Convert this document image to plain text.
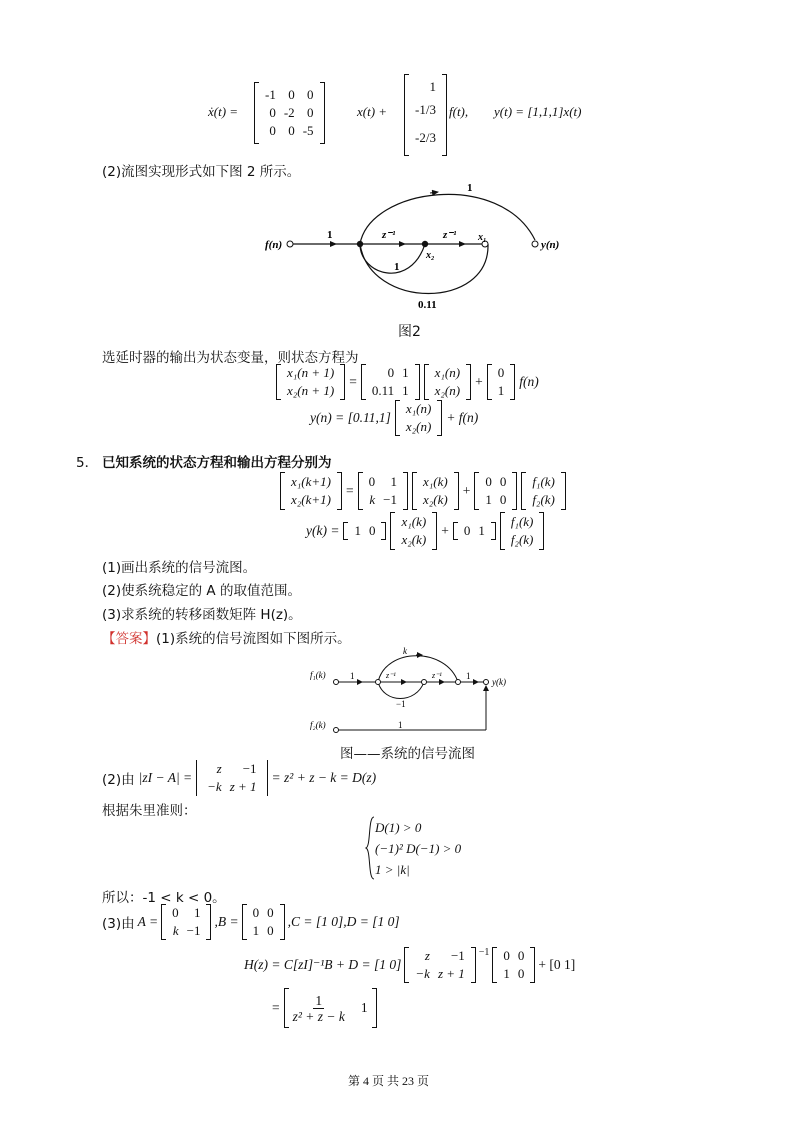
ẋ(t) =
-1	0	0
0	-2	0
0	0	-5
x(t) +
1
-1/3
-2/3
f(t), y(t) = [1,1,1]x(t)
(2)流图实现形式如下图 2 所示。
f(n)	y(n)
1
1
z⁻¹	z⁻¹ x₁
x₂
1
0.11
图2
选延时器的输出为状态变量，则状态方程为
x₁(n + 1)
x₂(n + 1)
=
0	1
0.11	1
x₁(n)
x₂(n)
+
0
1
f(n)
y(n) = [0.11,1]
x₁(n)
x₂(n)
+ f(n)
5． 已知系统的状态方程和输出方程分别为
x₁(k+1)
x₂(k+1)
=
0	1
k	−1
x₁(k)
x₂(k)
+
0	0
1	0
f₁(k)
f₂(k)
y(k) = 1	0
x₁(k)
x₂(k)
+ 0	1
f₁(k)
f₂(k)
(1)画出系统的信号流图。
(2)使系统稳定的 A 的取值范围。
(3)求系统的转移函数矩阵 H(z)。
【答案】(1)系统的信号流图如下图所示。
f₁(k)
f₂(k)
y(k)
k
1	1
1
z⁻¹	z⁻¹
−1
图——系统的信号流图
(2)由 |zI − A| =
z	−1
−k	z + 1
= z² + z − k = D(z)
根据朱里准则：
D(1) > 0
(−1)² D(−1) > 0
1 > |k|
所以：-1 < k < 0。
(3)由 A =
0	1
k	−1
,B =
0	0
1	0
,C = [1 0],D = [1 0]
H(z) = C[zI]⁻¹B + D = [1 0]
z	−1
−k	z + 1
$^{-1}$ 0	0
1	0
+ [0 1]
= $\frac{1}{\text{z² + z − k}} 1$
第 4 页 共 23 页
